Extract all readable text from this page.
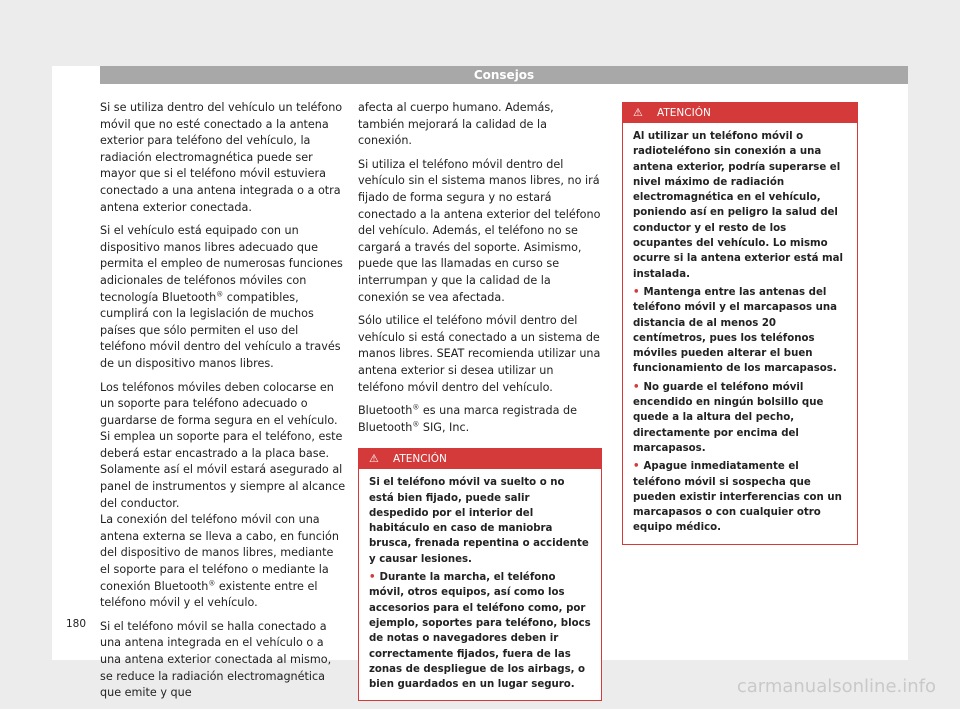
Consejos

Si se utiliza dentro del vehículo un teléfono móvil que no esté conectado a la antena exterior para teléfono del vehículo, la radiación electromagnética puede ser mayor que si el teléfono móvil estuviera conectado a una antena integrada o a otra antena exterior conectada.

Si el vehículo está equipado con un dispositivo manos libres adecuado que permita el empleo de numerosas funciones adicionales de teléfonos móviles con tecnología Bluetooth® compatibles, cumplirá con la legislación de muchos países que sólo permiten el uso del teléfono móvil dentro del vehículo a través de un dispositivo manos libres.

Los teléfonos móviles deben colocarse en un soporte para teléfono adecuado o guardarse de forma segura en el vehículo. Si emplea un soporte para el teléfono, este deberá estar encastrado a la placa base. Solamente así el móvil estará asegurado al panel de instrumentos y siempre al alcance del conductor.

La conexión del teléfono móvil con una antena externa se lleva a cabo, en función del dispositivo de manos libres, mediante el soporte para el teléfono o mediante la conexión Bluetooth® existente entre el teléfono móvil y el vehículo.

Si el teléfono móvil se halla conectado a una antena integrada en el vehículo o a una antena exterior conectada al mismo, se reduce la radiación electromagnética que emite y que

afecta al cuerpo humano. Además, también mejorará la calidad de la conexión.

Si utiliza el teléfono móvil dentro del vehículo sin el sistema manos libres, no irá fijado de forma segura y no estará conectado a la antena exterior del teléfono del vehículo. Además, el teléfono no se cargará a través del soporte. Asimismo, puede que las llamadas en curso se interrumpan y que la calidad de la conexión se vea afectada.

Sólo utilice el teléfono móvil dentro del vehículo si está conectado a un sistema de manos libres. SEAT recomienda utilizar una antena exterior si desea utilizar un teléfono móvil dentro del vehículo.

Bluetooth® es una marca registrada de Bluetooth® SIG, Inc.

⚠ ATENCIÓN

Si el teléfono móvil va suelto o no está bien fijado, puede salir despedido por el interior del habitáculo en caso de maniobra brusca, frenada repentina o accidente y causar lesiones.

• Durante la marcha, el teléfono móvil, otros equipos, así como los accesorios para el teléfono como, por ejemplo, soportes para teléfono, blocs de notas o navegadores deben ir correctamente fijados, fuera de las zonas de despliegue de los airbags, o bien guardados en un lugar seguro.
⚠ ATENCIÓN

Al utilizar un teléfono móvil o radioteléfono sin conexión a una antena exterior, podría superarse el nivel máximo de radiación electromagnética en el vehículo, poniendo así en peligro la salud del conductor y el resto de los ocupantes del vehículo. Lo mismo ocurre si la antena exterior está mal instalada.

• Mantenga entre las antenas del teléfono móvil y el marcapasos una distancia de al menos 20 centímetros, pues los teléfonos móviles pueden alterar el buen funcionamiento de los marcapasos.
• No guarde el teléfono móvil encendido en ningún bolsillo que quede a la altura del pecho, directamente por encima del marcapasos.
• Apague inmediatamente el teléfono móvil si sospecha que pueden existir interferencias con un marcapasos o con cualquier otro equipo médico.
180
carmanualsonline.info
